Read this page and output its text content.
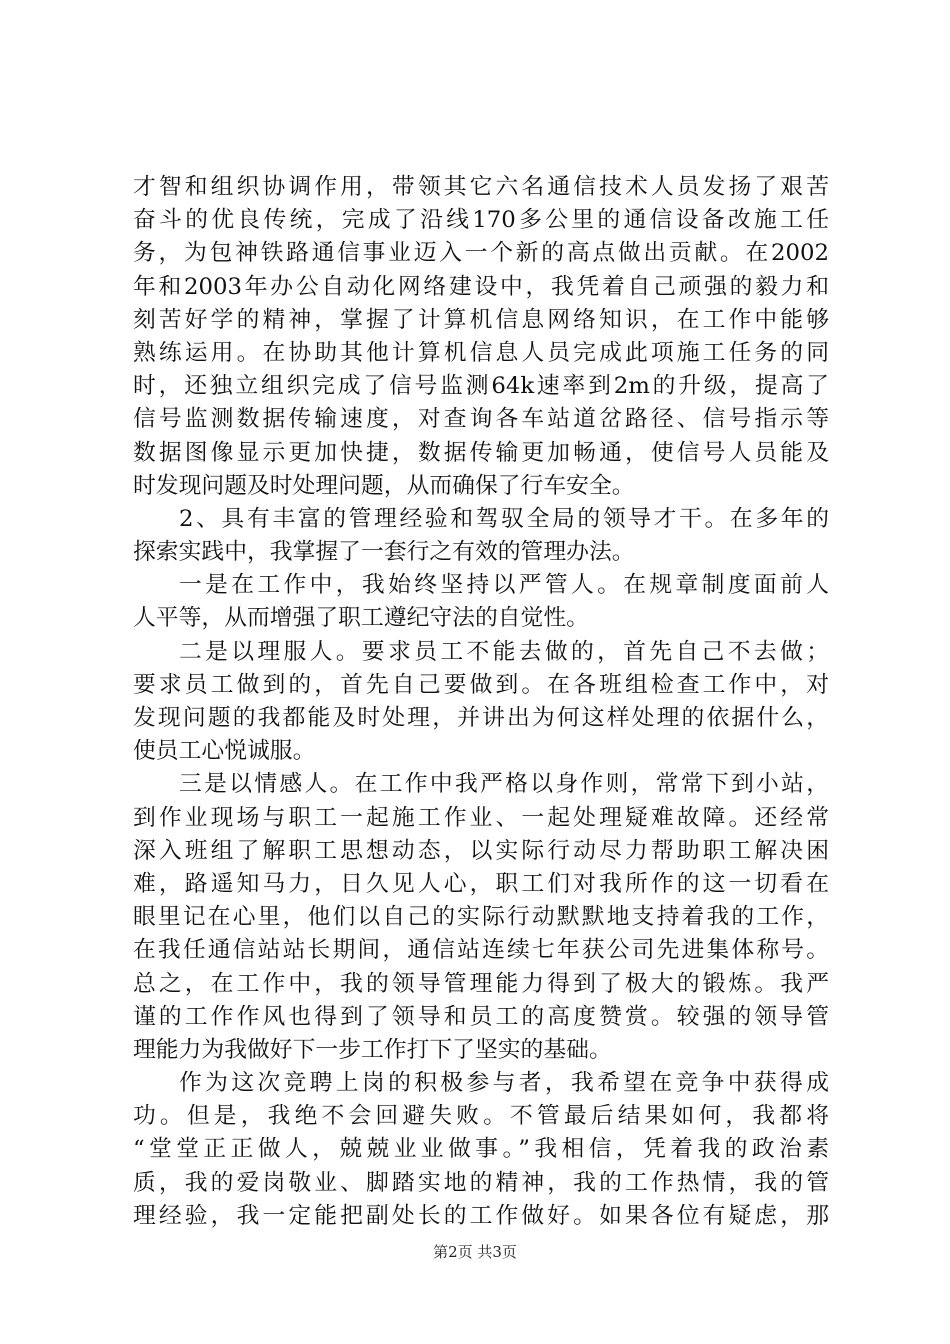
才智和组织协调作用，带领其它六名通信技术人员发扬了艰苦
奋斗的优良传统，完成了沿线170多公里的通信设备改施工任
务，为包神铁路通信事业迈入一个新的高点做出贡献。在2002
年和2003年办公自动化网络建设中，我凭着自己顽强的毅力和
刻苦好学的精神，掌握了计算机信息网络知识，在工作中能够
熟练运用。在协助其他计算机信息人员完成此项施工任务的同
时，还独立组织完成了信号监测64k速率到2m的升级，提高了
信号监测数据传输速度，对查询各车站道岔路径、信号指示等
数据图像显示更加快捷，数据传输更加畅通，使信号人员能及
时发现问题及时处理问题，从而确保了行车安全。
2、具有丰富的管理经验和驾驭全局的领导才干。在多年的
探索实践中，我掌握了一套行之有效的管理办法。
一是在工作中，我始终坚持以严管人。在规章制度面前人
人平等，从而增强了职工遵纪守法的自觉性。
二是以理服人。要求员工不能去做的，首先自己不去做；
要求员工做到的，首先自己要做到。在各班组检查工作中，对
发现问题的我都能及时处理，并讲出为何这样处理的依据什么，
使员工心悦诚服。
三是以情感人。在工作中我严格以身作则，常常下到小站，
到作业现场与职工一起施工作业、一起处理疑难故障。还经常
深入班组了解职工思想动态，以实际行动尽力帮助职工解决困
难，路遥知马力，日久见人心，职工们对我所作的这一切看在
眼里记在心里，他们以自己的实际行动默默地支持着我的工作，
在我任通信站站长期间，通信站连续七年获公司先进集体称号。
总之，在工作中，我的领导管理能力得到了极大的锻炼。我严
谨的工作作风也得到了领导和员工的高度赞赏。较强的领导管
理能力为我做好下一步工作打下了坚实的基础。
作为这次竞聘上岗的积极参与者，我希望在竞争中获得成
功。但是，我绝不会回避失败。不管最后结果如何，我都将
“堂堂正正做人，兢兢业业做事。”我相信，凭着我的政治素
质，我的爱岗敬业、脚踏实地的精神，我的工作热情，我的管
理经验，我一定能把副处长的工作做好。如果各位有疑虑，那
第2页 共3页
